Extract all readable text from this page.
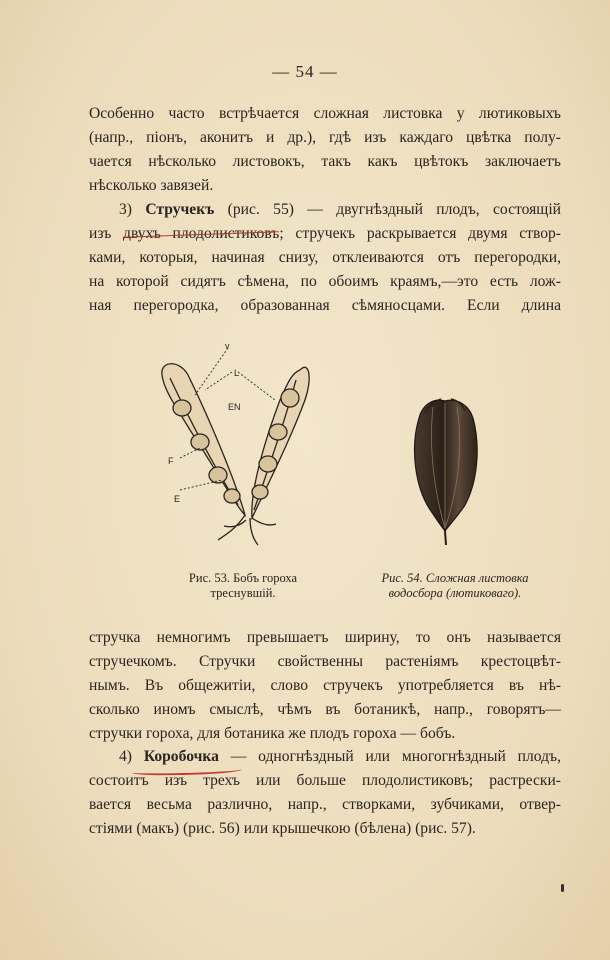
— 54 —
Особенно часто встрѣчается сложная листовка у лютиковыхъ
(напр., піонъ, аконитъ и др.), гдѣ изъ каждаго цвѣтка полу-
чается нѣсколько листовокъ, такъ какъ цвѣтокъ заключаетъ
нѣсколько завязей.
3) Стручекъ (рис. 55) — двугнѣздный плодъ, состоящій
изъ двухъ плодолистиковъ; стручекъ раскрывается двумя створ-
ками, которыя, начиная снизу, отклеиваются отъ перегородки,
на которой сидятъ сѣмена, по обоимъ краямъ,—это есть лож-
ная перегородка, образованная сѣмяносцами. Если длина
v
L
EN
F
E
Рис. 53. Бобъ гороха
треснувшій.
Рис. 54. Сложная листовка
водосбора (лютиковаго).
стручка немногимъ превышаетъ ширину, то онъ называется
стручечкомъ. Стручки свойственны растеніямъ крестоцвѣт-
нымъ. Въ общежитіи, слово стручекъ употребляется въ нѣ-
сколько иномъ смыслѣ, чѣмъ въ ботаникѣ, напр., говорятъ—
стручки гороха, для ботаника же плодъ гороха — бобъ.
4) Коробочка — одногнѣздный или многогнѣздный плодъ,
состоитъ изъ трехъ или больше плодолистиковъ; растрески-
вается весьма различно, напр., створками, зубчиками, отвер-
стіями (макъ) (рис. 56) или крышечкою (бѣлена) (рис. 57).
